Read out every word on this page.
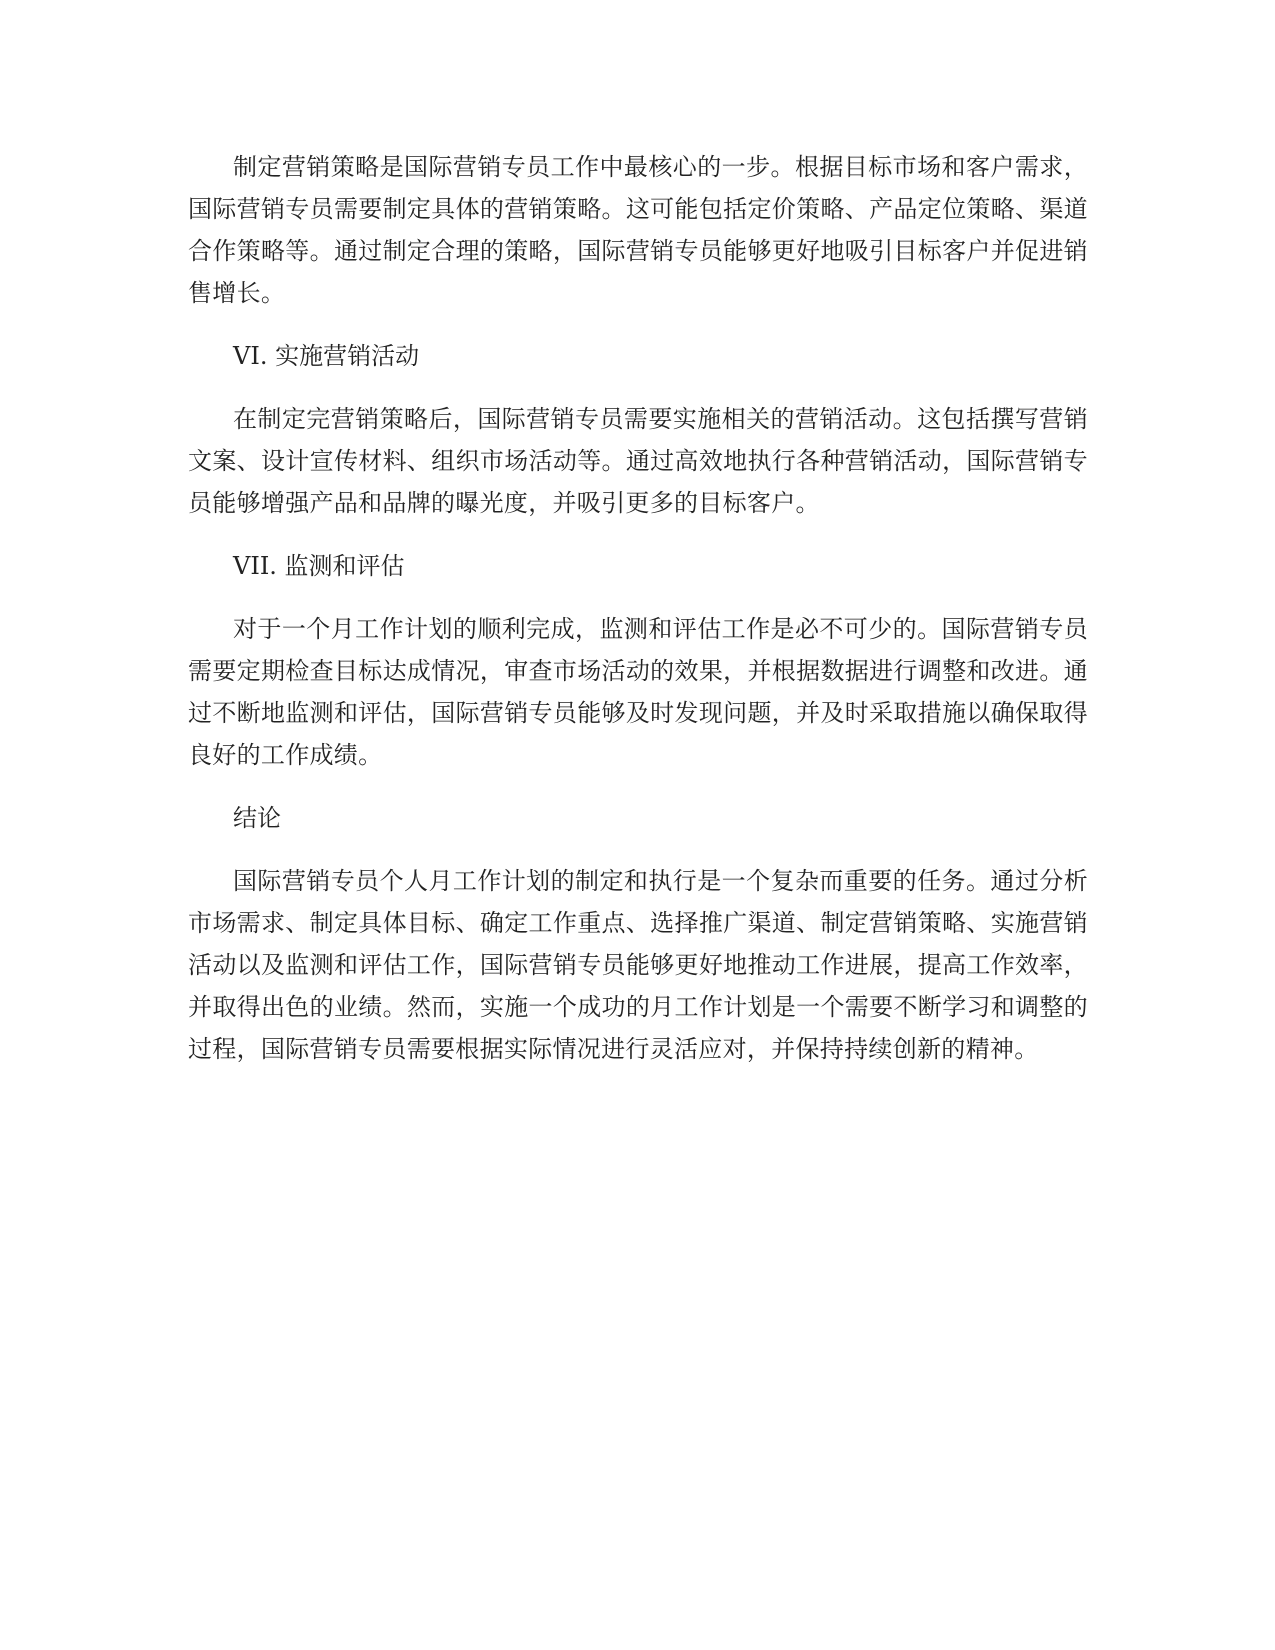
制定营销策略是国际营销专员工作中最核心的一步。根据目标市场和客户需求，国际营销专员需要制定具体的营销策略。这可能包括定价策略、产品定位策略、渠道合作策略等。通过制定合理的策略，国际营销专员能够更好地吸引目标客户并促进销售增长。

VI. 实施营销活动

在制定完营销策略后，国际营销专员需要实施相关的营销活动。这包括撰写营销文案、设计宣传材料、组织市场活动等。通过高效地执行各种营销活动，国际营销专员能够增强产品和品牌的曝光度，并吸引更多的目标客户。

VII. 监测和评估

对于一个月工作计划的顺利完成，监测和评估工作是必不可少的。国际营销专员需要定期检查目标达成情况，审查市场活动的效果，并根据数据进行调整和改进。通过不断地监测和评估，国际营销专员能够及时发现问题，并及时采取措施以确保取得良好的工作成绩。

结论

国际营销专员个人月工作计划的制定和执行是一个复杂而重要的任务。通过分析市场需求、制定具体目标、确定工作重点、选择推广渠道、制定营销策略、实施营销活动以及监测和评估工作，国际营销专员能够更好地推动工作进展，提高工作效率，并取得出色的业绩。然而，实施一个成功的月工作计划是一个需要不断学习和调整的过程，国际营销专员需要根据实际情况进行灵活应对，并保持持续创新的精神。
